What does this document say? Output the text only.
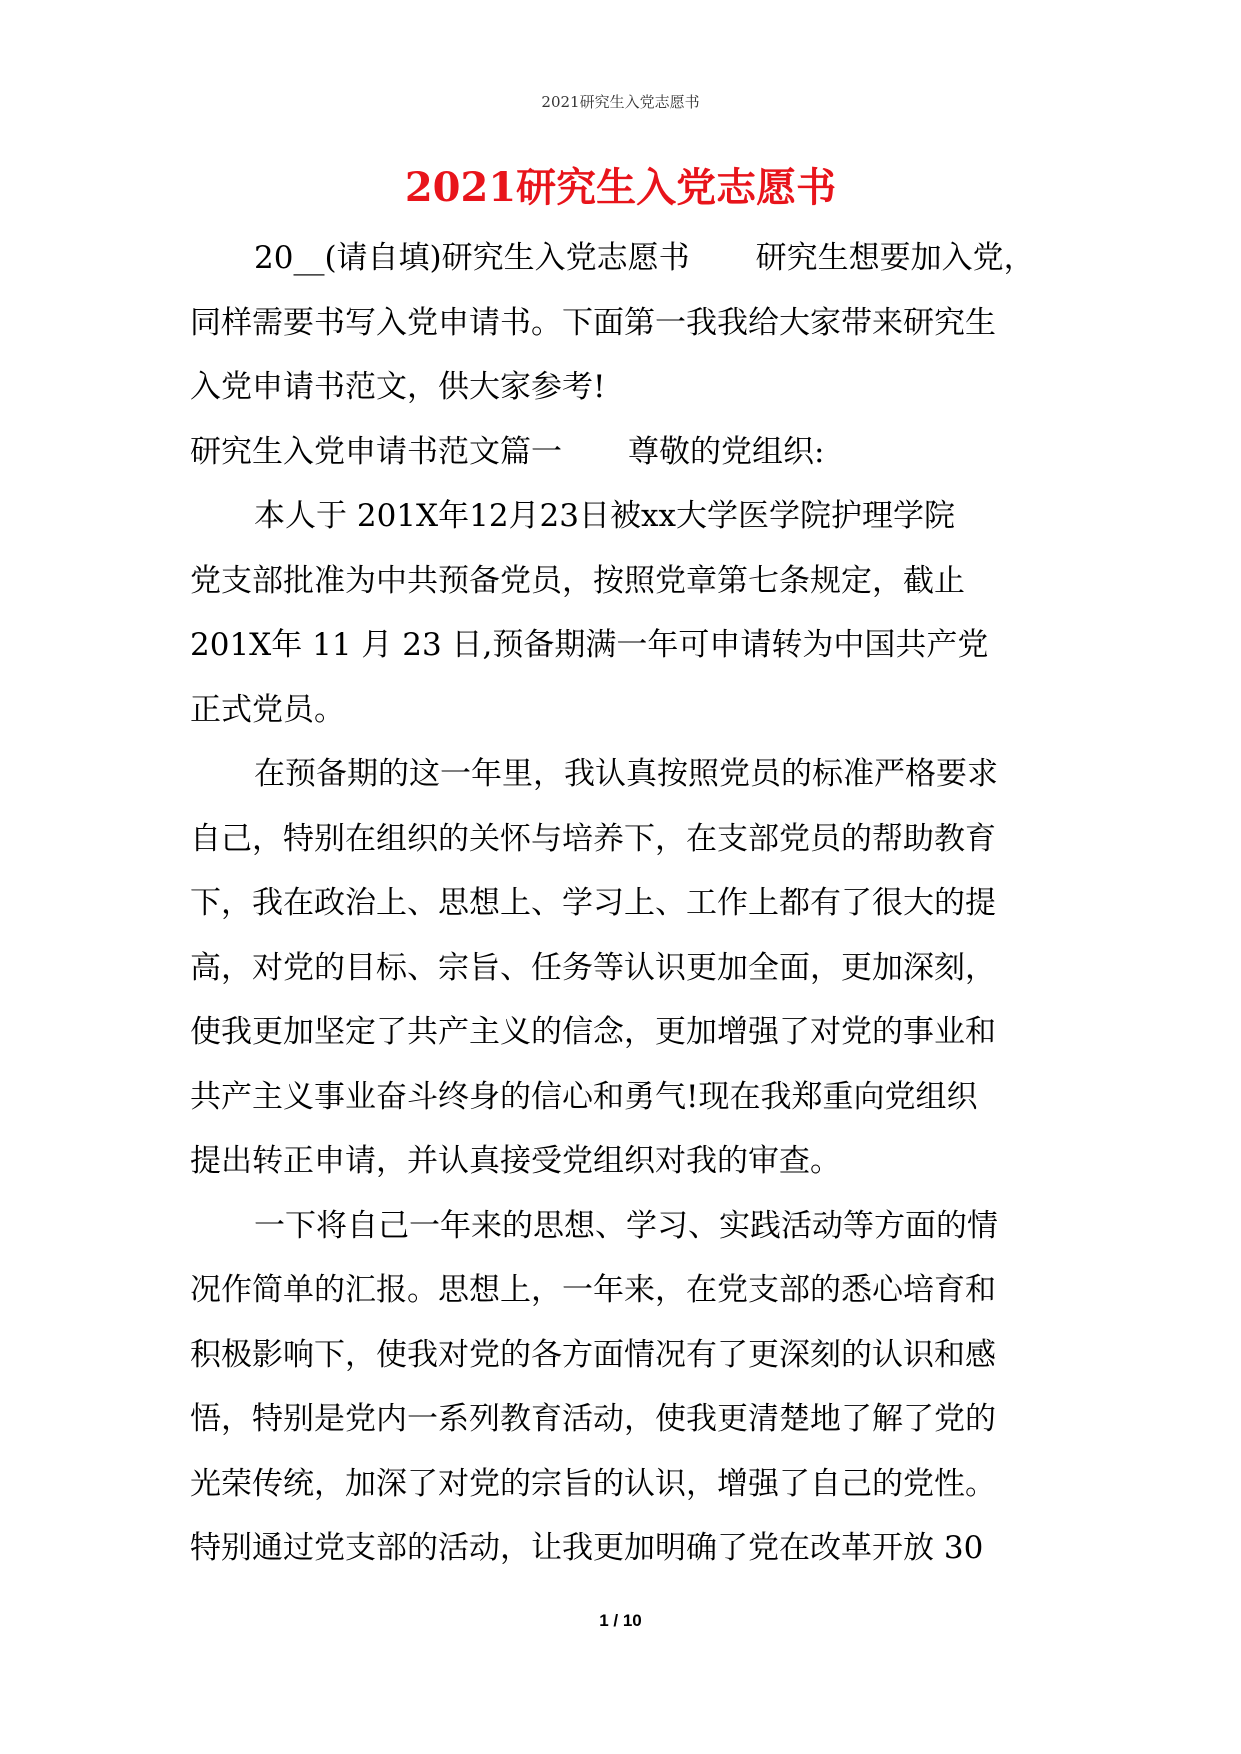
2021研究生入党志愿书
2021研究生入党志愿书
20__(请自填)研究生入党志愿书 研究生想要加入党，
同样需要书写入党申请书。下面第一我我给大家带来研究生
入党申请书范文，供大家参考!
研究生入党申请书范文篇一 尊敬的党组织:
本人于 201X年12月23日被xx大学医学院护理学院
党支部批准为中共预备党员，按照党章第七条规定，截止
201X年 11 月 23 日,预备期满一年可申请转为中国共产党
正式党员。
在预备期的这一年里，我认真按照党员的标准严格要求
自己，特别在组织的关怀与培养下，在支部党员的帮助教育
下，我在政治上、思想上、学习上、工作上都有了很大的提
高，对党的目标、宗旨、任务等认识更加全面，更加深刻，
使我更加坚定了共产主义的信念，更加增强了对党的事业和
共产主义事业奋斗终身的信心和勇气!现在我郑重向党组织
提出转正申请，并认真接受党组织对我的审查。
一下将自己一年来的思想、学习、实践活动等方面的情
况作简单的汇报。思想上，一年来，在党支部的悉心培育和
积极影响下，使我对党的各方面情况有了更深刻的认识和感
悟，特别是党内一系列教育活动，使我更清楚地了解了党的
光荣传统，加深了对党的宗旨的认识，增强了自己的党性。
特别通过党支部的活动，让我更加明确了党在改革开放 30
1 / 10
